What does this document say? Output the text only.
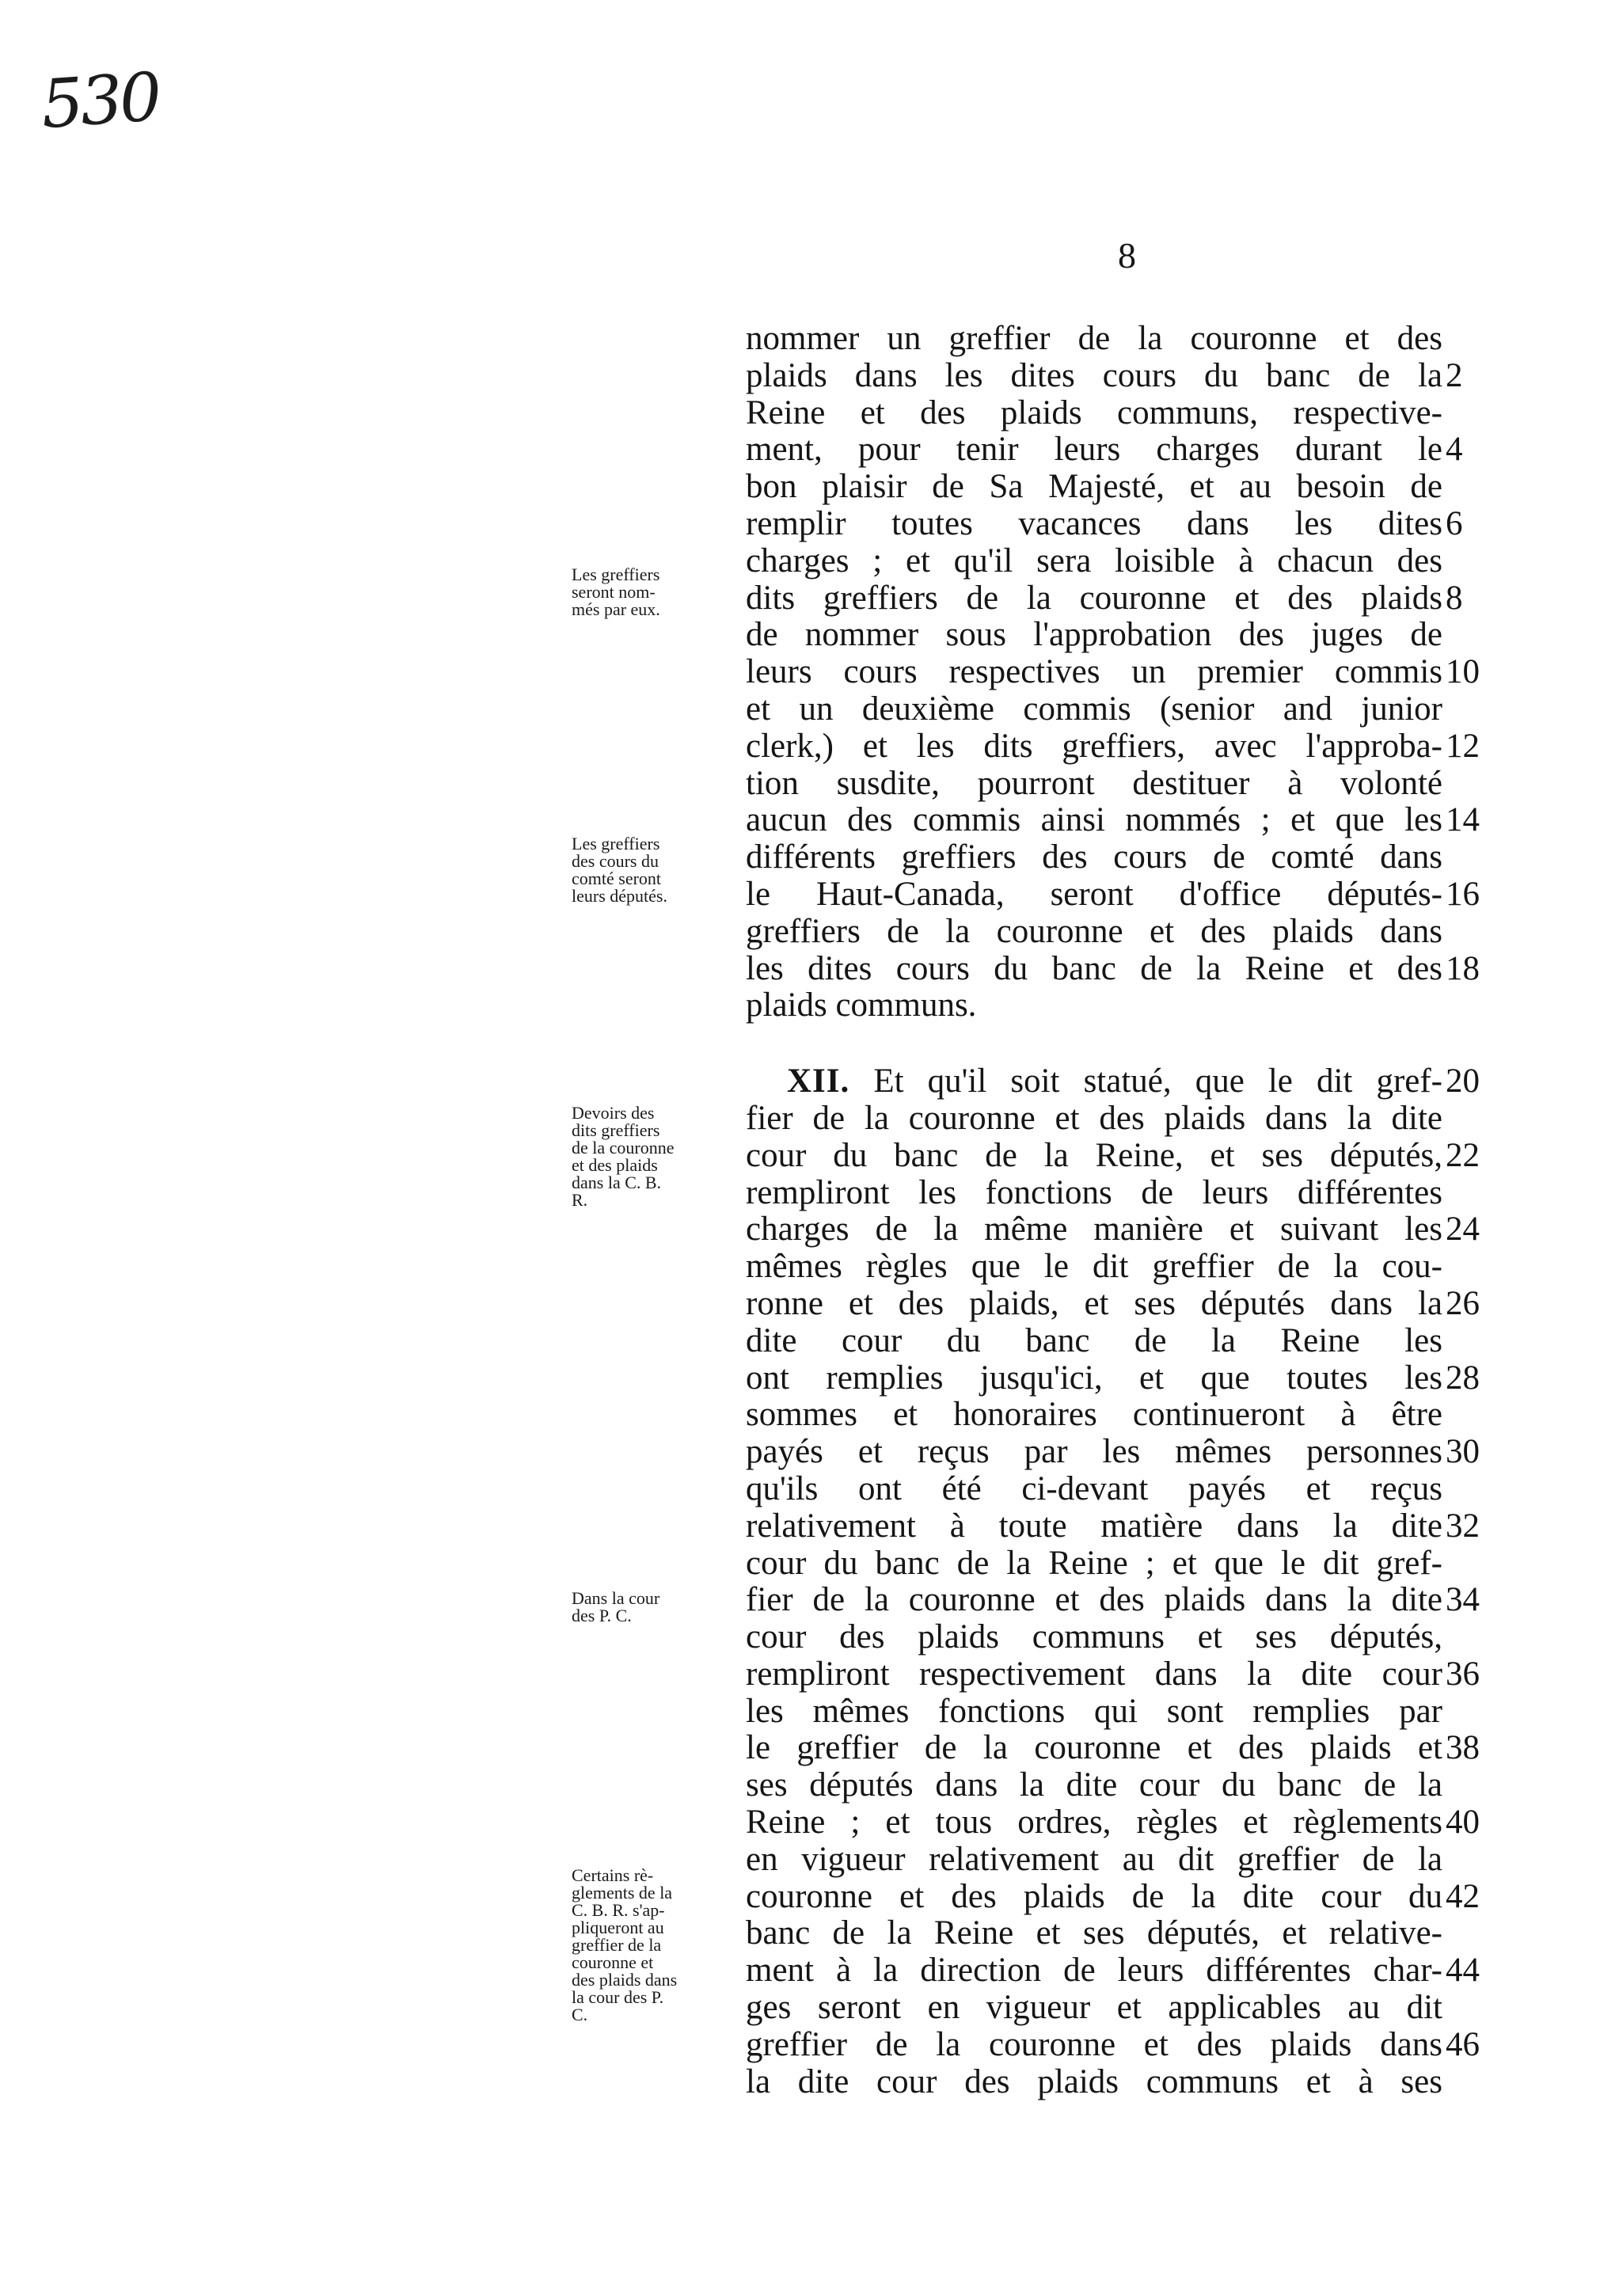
530
8
Les greffiers
seront nom-
més par eux.
Les greffiers
des cours du
comté seront
leurs députés.
Devoirs des
dits greffiers
de la couronne
et des plaids
dans la C. B.
R.
Dans la cour
des P. C.
Certains rè-
glements de la
C. B. R. s'ap-
pliqueront au
greffier de la
couronne et
des plaids dans
la cour des P.
C.
nommer un greffier de la couronne et des
plaids dans les dites cours du banc de la
Reine et des plaids communs, respective-
ment, pour tenir leurs charges durant le
bon plaisir de Sa Majesté, et au besoin de
remplir toutes vacances dans les dites
charges ; et qu'il sera loisible à chacun des
dits greffiers de la couronne et des plaids
de nommer sous l'approbation des juges de
leurs cours respectives un premier commis
et un deuxième commis (senior and junior
clerk,) et les dits greffiers, avec l'approba-
tion susdite, pourront destituer à volonté
aucun des commis ainsi nommés ; et que les
différents greffiers des cours de comté dans
le Haut-Canada, seront d'office députés-
greffiers de la couronne et des plaids dans
les dites cours du banc de la Reine et des
plaids communs.
XII. Et qu'il soit statué, que le dit gref-
fier de la couronne et des plaids dans la dite
cour du banc de la Reine, et ses députés,
rempliront les fonctions de leurs différentes
charges de la même manière et suivant les
mêmes règles que le dit greffier de la cou-
ronne et des plaids, et ses députés dans la
dite cour du banc de la Reine les
ont remplies jusqu'ici, et que toutes les
sommes et honoraires continueront à être
payés et reçus par les mêmes personnes
qu'ils ont été ci-devant payés et reçus
relativement à toute matière dans la dite
cour du banc de la Reine ; et que le dit gref-
fier de la couronne et des plaids dans la dite
cour des plaids communs et ses députés,
rempliront respectivement dans la dite cour
les mêmes fonctions qui sont remplies par
le greffier de la couronne et des plaids et
ses députés dans la dite cour du banc de la
Reine ; et tous ordres, règles et règlements
en vigueur relativement au dit greffier de la
couronne et des plaids de la dite cour du
banc de la Reine et ses députés, et relative-
ment à la direction de leurs différentes char-
ges seront en vigueur et applicables au dit
greffier de la couronne et des plaids dans
la dite cour des plaids communs et à ses
2
4
6
8
10
12
14
16
18
20
22
24
26
28
30
32
34
36
38
40
42
44
46
